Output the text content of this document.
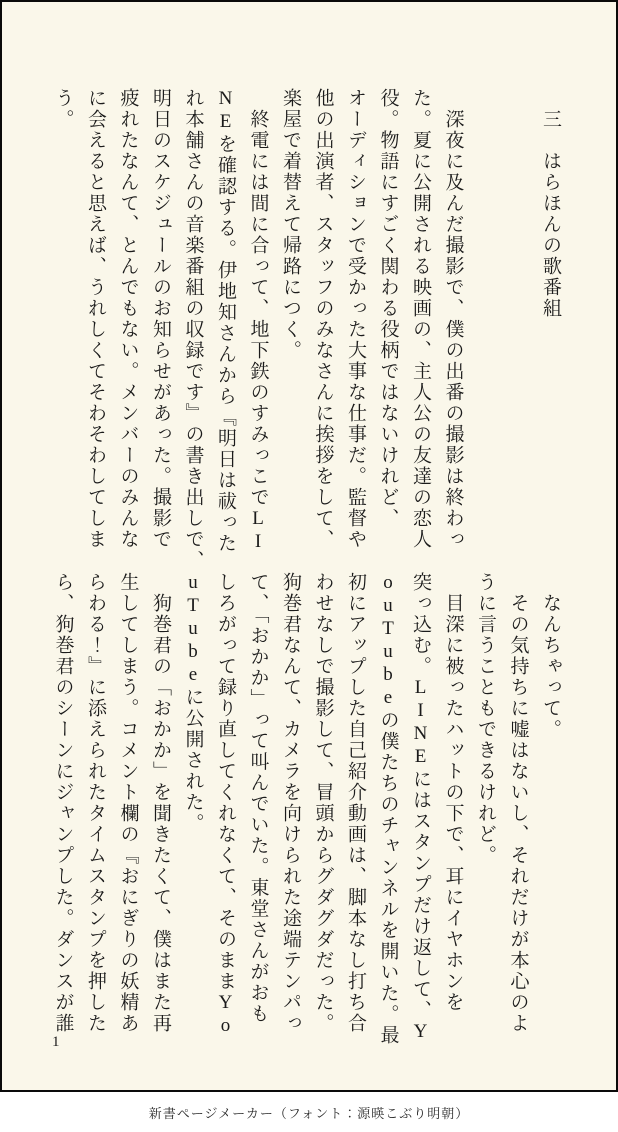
　三　はらほんの歌番組

　深夜に及んだ撮影で、僕の出番の撮影は終わっ
た。夏に公開される映画の、主人公の友達の恋人
役。物語にすごく関わる役柄ではないけれど、
オーディションで受かった大事な仕事だ。監督や
他の出演者、スタッフのみなさんに挨拶をして、
楽屋で着替えて帰路につく。
　終電には間に合って、地下鉄のすみっこでLI
NEを確認する。伊地知さんから『明日は祓った
れ本舗さんの音楽番組の収録です』の書き出しで、
明日のスケジュールのお知らせがあった。撮影で
疲れたなんて、とんでもない。メンバーのみんな
に会えると思えば、うれしくてそわそわしてしま
う。
　なんちゃって。
　その気持ちに嘘はないし、それだけが本心のよ
うに言うこともできるけれど。
　目深に被ったハットの下で、耳にイヤホンを
突っ込む。LINEにはスタンプだけ返して、Y
ouTubeの僕たちのチャンネルを開いた。最
初にアップした自己紹介動画は、脚本なし打ち合
わせなしで撮影して、冒頭からグダグダだった。
狗巻君なんて、カメラを向けられた途端テンパっ
て、「おかか」って叫んでいた。東堂さんがおも
しろがって録り直してくれなくて、そのままYo
uTubeに公開された。
　狗巻君の「おかか」を聞きたくて、僕はまた再
生してしまう。コメント欄の『おにぎりの妖精あ
らわる！』に添えられたタイムスタンプを押した
ら、狗巻君のシーンにジャンプした。ダンスが誰
1
新書ページメーカー（フォント：源暎こぶり明朝）
